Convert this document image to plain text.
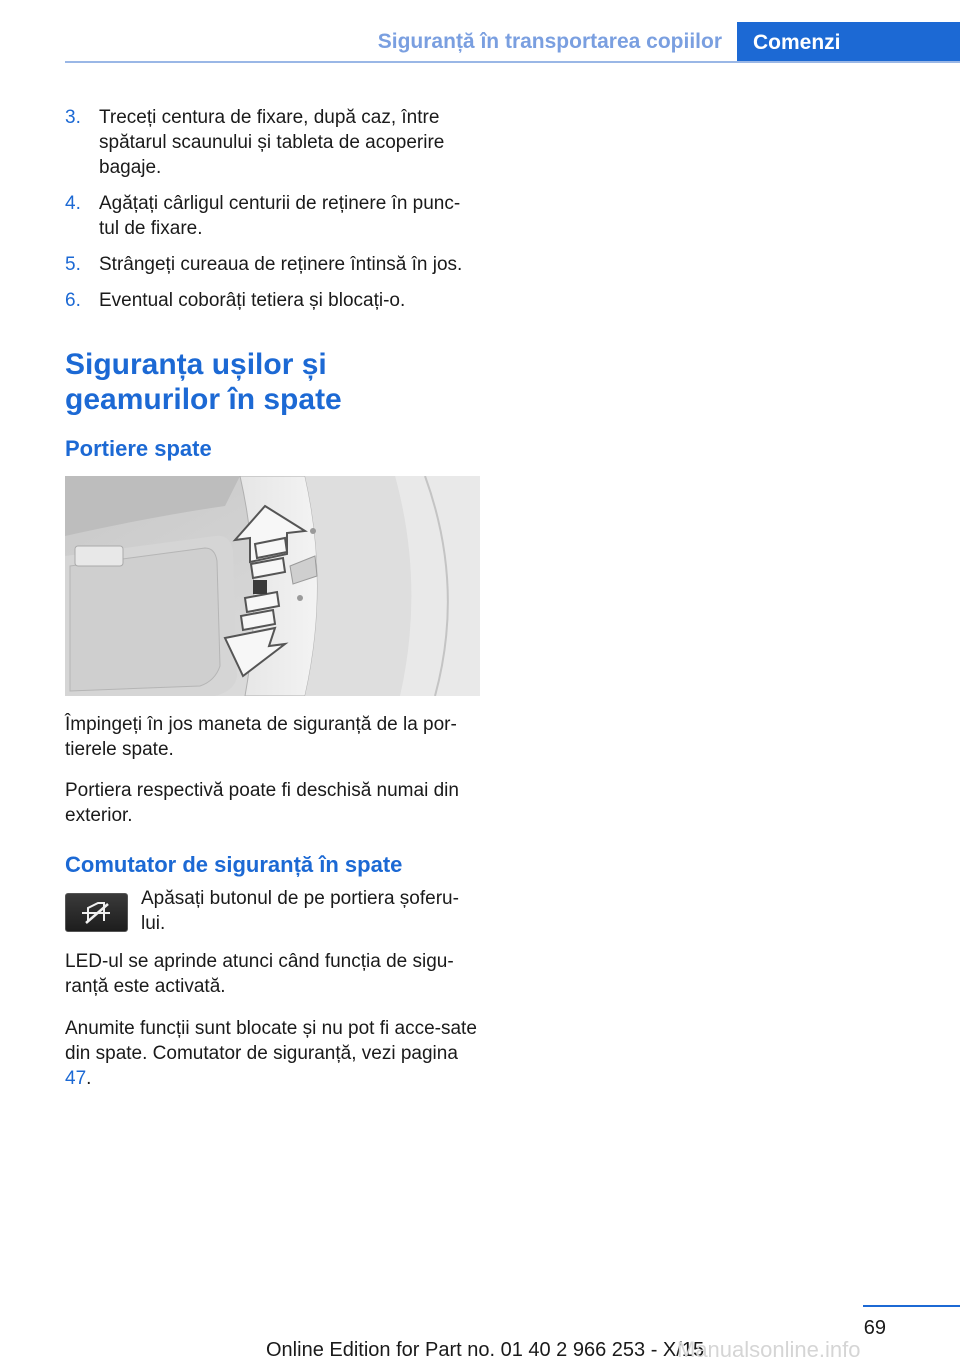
Siguranță în transportarea copiilor	Comenzi
3. Treceți centura de fixare, după caz, între spătarul scaunului și tableta de acoperire bagaje.
4. Agățați cârligul centurii de reținere în punc‐tul de fixare.
5. Strângeți cureaua de reținere întinsă în jos.
6. Eventual coborâți tetiera și blocați-o.
Siguranța ușilor și geamurilor în spate
Portiere spate

Împingeți în jos maneta de siguranță de la por‐tierele spate.

Portiera respectivă poate fi deschisă numai din exterior.

Comutator de siguranță în spate

Apăsați butonul de pe portiera șoferu‐lui.

LED-ul se aprinde atunci când funcția de sigu‐ranță este activată.

Anumite funcții sunt blocate și nu pot fi acce‐sate din spate. Comutator de siguranță, vezi pagina 47.

69
Online Edition for Part no. 01 40 2 966 253 - X/15
Manualsonline.info
